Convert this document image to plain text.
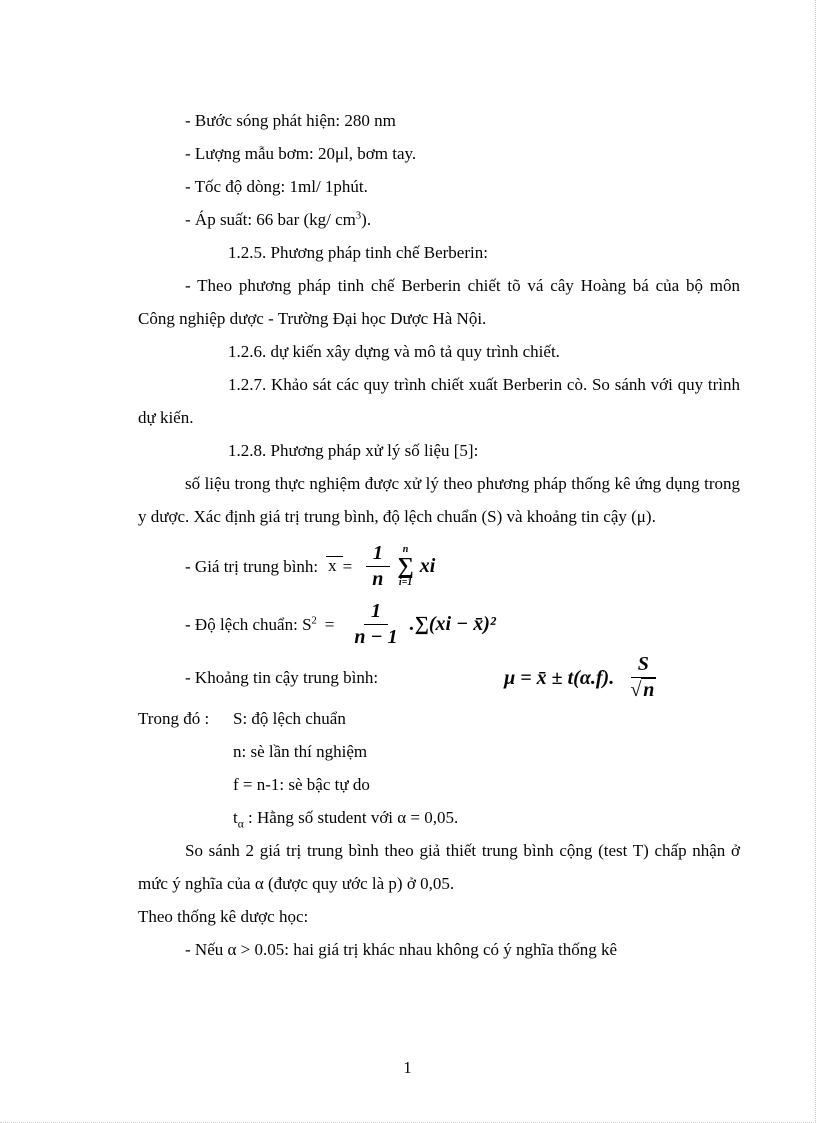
- Bước sóng phát hiện: 280 nm

- Lượng mẫu bơm: 20μl, bơm tay.

- Tốc độ dòng: 1ml/ 1phút.

- Áp suất: 66 bar (kg/ $cm^3$).

1.2.5. Phương pháp tinh chế Berberin:

- Theo phương pháp tinh chế Berberin chiết tõ vá cây Hoàng bá của bộ môn Công nghiệp dược - Trường Đại học Dược Hà Nội.

1.2.6. dự kiến xây dựng và mô tả quy trình chiết.

1.2.7. Khảo sát các quy trình chiết xuất Berberin cò. So sánh với quy trình dự kiến.

1.2.8. Phương pháp xử lý số liệu [5]:

số liệu trong thực nghiệm được xử lý theo phương pháp thống kê ứng dụng trong y dược. Xác định giá trị trung bình, độ lệch chuẩn (S) và khoảng tin cậy (μ).

- Giá trị trung bình: $x = \frac{1}{n}$ n
∑
i=1
xi

- Độ lệch chuẩn: $S^2 = \frac{1}{n - 1} .\sum(xi$ − x̄)²

- Khoảng tin cậy trung bình:	μ = x̄ ± t(α.f). $\frac{S}{√ n}$

Trong đó : S: độ lệch chuẩn

n: sè lần thí nghiệm

f = n-1: sè bậc tự do

$t_\alpha$ : Hằng số student với α = 0,05.

So sánh 2 giá trị trung bình theo giả thiết trung bình cộng (test T) chấp nhận ở mức ý nghĩa của α (được quy ước là p) ở 0,05.

Theo thống kê dược học:

- Nếu α > 0.05: hai giá trị khác nhau không có ý nghĩa thống kê

1
